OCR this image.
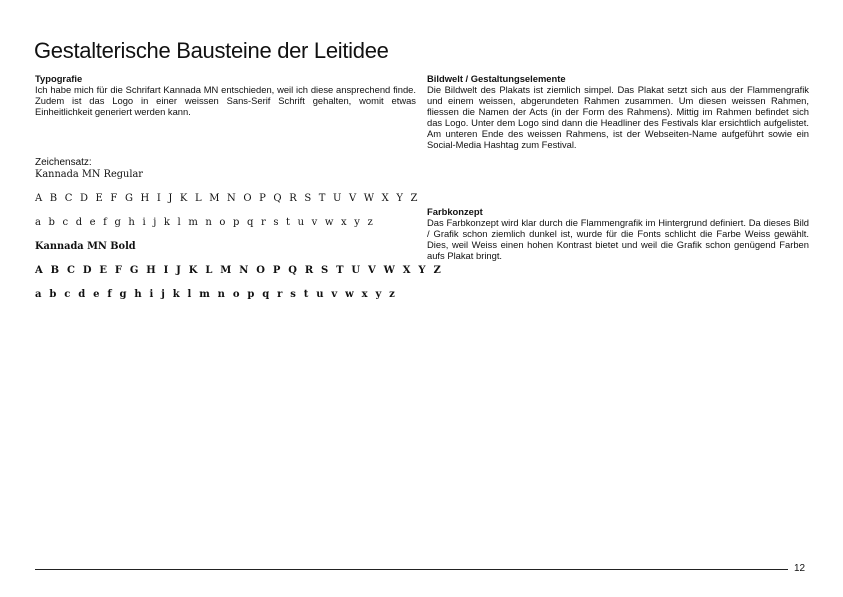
Gestalterische Bausteine der Leitidee

Typografie

Ich habe mich für die Schrifart Kannada MN entschieden, weil ich diese ansprechend finde. Zudem ist das Logo in einer weissen Sans-Serif Schrift gehalten, womit etwas Einheitlichkeit generiert werden kann.

Zeichensatz:
Kannada MN Regular
A B C D E F G H I J K L M N O P Q R S T U V W X Y Z
a b c d e f g h i j k l m n o p q r s t u v w x y z
Kannada MN Bold
A B C D E F G H I J K L M N O P Q R S T U V W X Y Z
a b c d e f g h i j k l m n o p q r s t u v w x y z

Bildwelt / Gestaltungselemente

Die Bildwelt des Plakats ist ziemlich simpel. Das Plakat setzt sich aus der Flammengrafik und einem weissen, abgerundeten Rahmen zusammen. Um diesen weissen Rahmen, fliessen die Namen der Acts (in der Form des Rahmens). Mittig im Rahmen befindet sich das Logo. Unter dem Logo sind dann die Headliner des Festivals klar ersichtlich aufgelistet. Am unteren Ende des weissen Rahmens, ist der Webseiten-Name aufgeführt sowie ein Social-Media Hashtag zum Festival.

Farbkonzept

Das Farbkonzept wird klar durch die Flammengrafik im Hintergrund definiert. Da dieses Bild / Grafik schon ziemlich dunkel ist, wurde für die Fonts schlicht die Farbe Weiss gewählt. Dies, weil Weiss einen hohen Kontrast bietet und weil die Grafik schon genügend Farben aufs Plakat bringt.

12
